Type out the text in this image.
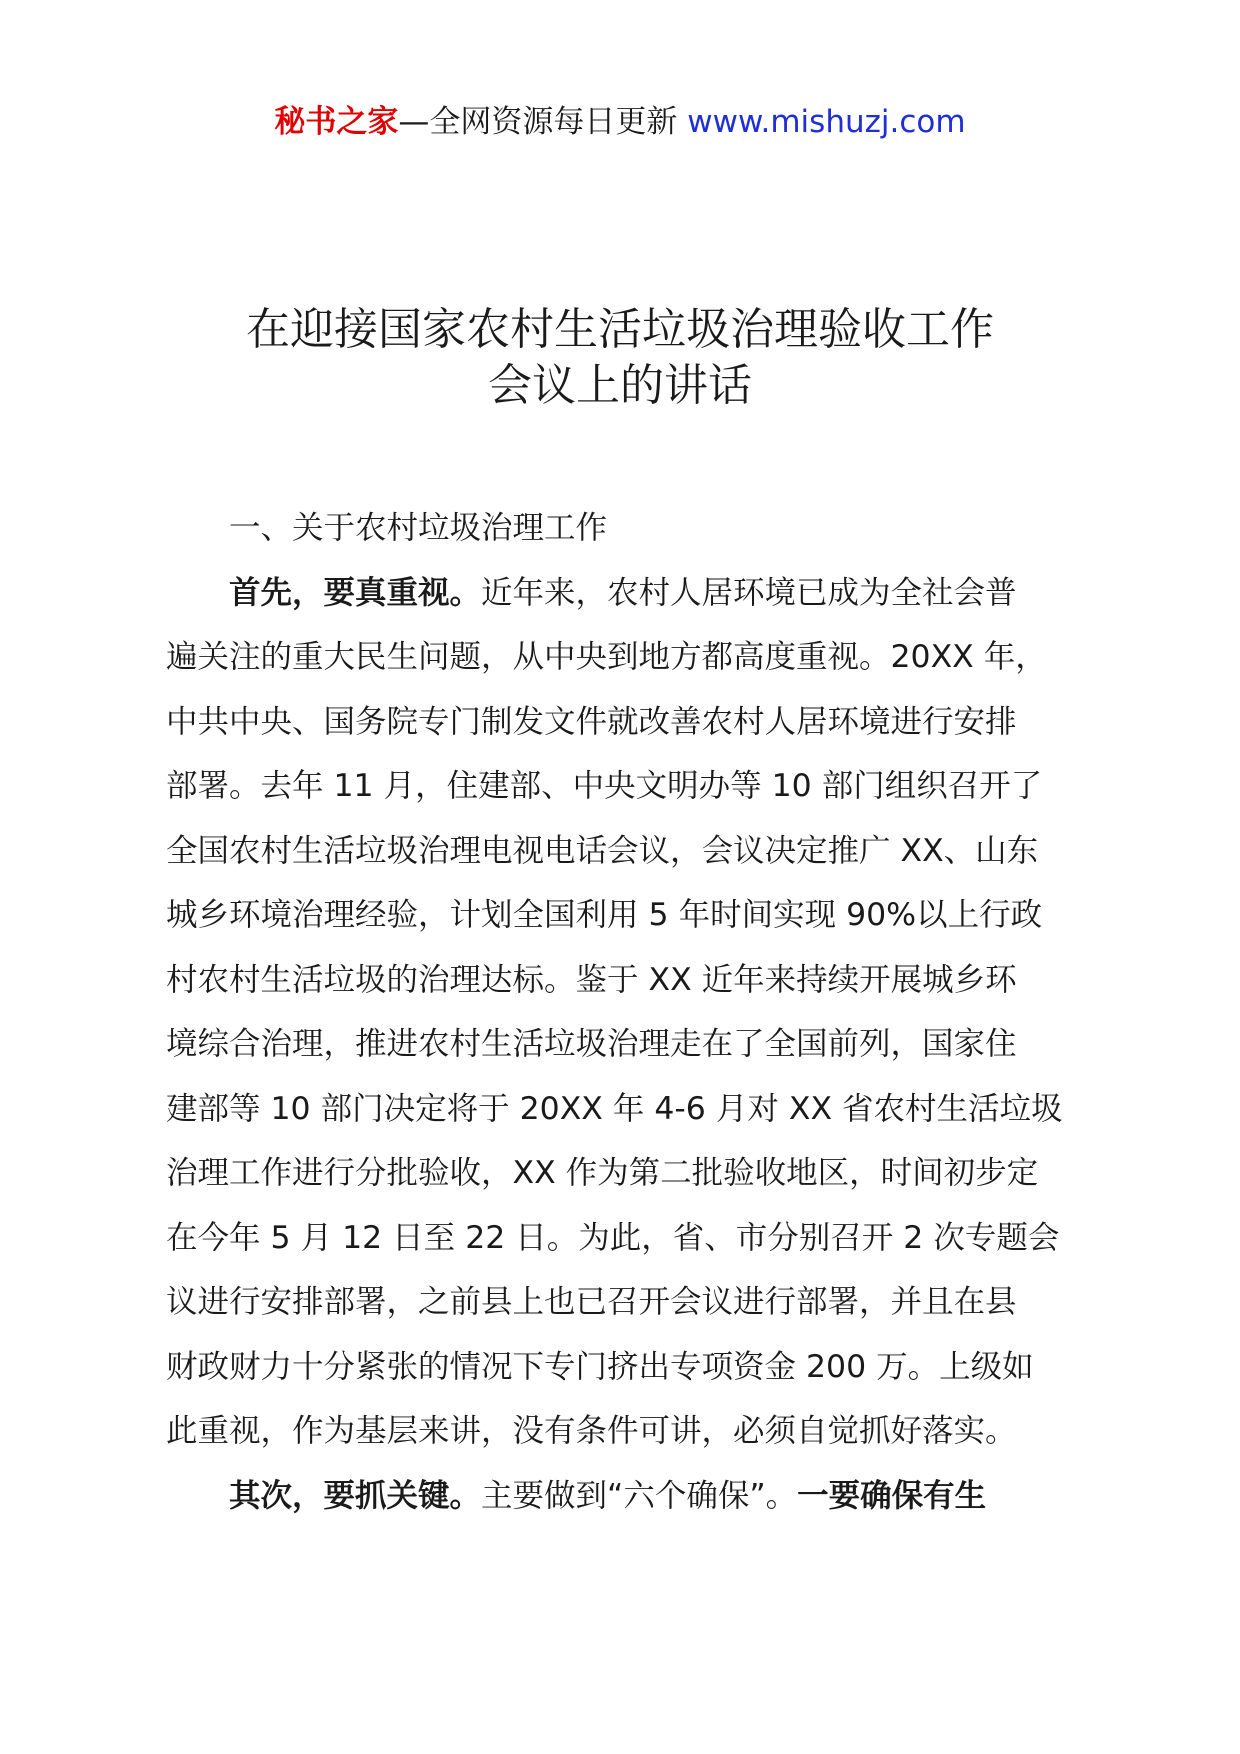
秘书之家—全网资源每日更新 www.mishuzj.com
在迎接国家农村生活垃圾治理验收工作
会议上的讲话

一、关于农村垃圾治理工作

首先，要真重视。近年来，农村人居环境已成为全社会普
遍关注的重大民生问题，从中央到地方都高度重视。20XX 年，
中共中央、国务院专门制发文件就改善农村人居环境进行安排
部署。去年 11 月，住建部、中央文明办等 10 部门组织召开了
全国农村生活垃圾治理电视电话会议，会议决定推广 XX、山东
城乡环境治理经验，计划全国利用 5 年时间实现 90%以上行政
村农村生活垃圾的治理达标。鉴于 XX 近年来持续开展城乡环
境综合治理，推进农村生活垃圾治理走在了全国前列，国家住
建部等 10 部门决定将于 20XX 年 4-6 月对 XX 省农村生活垃圾
治理工作进行分批验收，XX 作为第二批验收地区，时间初步定
在今年 5 月 12 日至 22 日。为此，省、市分别召开 2 次专题会
议进行安排部署，之前县上也已召开会议进行部署，并且在县
财政财力十分紧张的情况下专门挤出专项资金 200 万。上级如
此重视，作为基层来讲，没有条件可讲，必须自觉抓好落实。
其次，要抓关键。主要做到“六个确保”。一要确保有生
